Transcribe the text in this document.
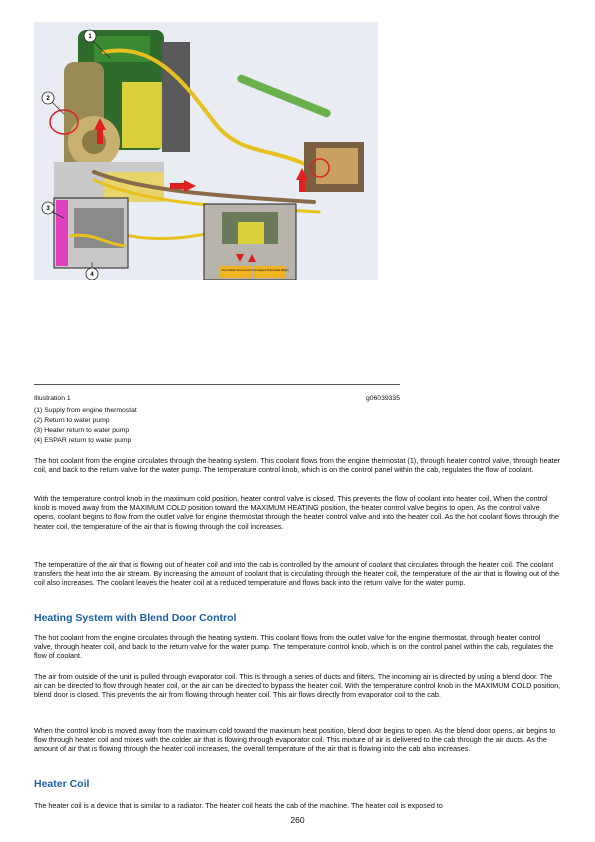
Out to Water Pump (Left) From Engine Thermostat (Right)
1
2
3
4
Illustration 1	g06039335
(1) Supply from engine thermostat
(2) Return to water pump
(3) Heater return to water pump
(4) ESPAR return to water pump

The hot coolant from the engine circulates through the heating system. This coolant flows from the engine thermostat (1), through heater control valve, through heater coil, and back to the return valve for the water pump. The temperature control knob, which is on the control panel within the cab, regulates the flow of coolant.

With the temperature control knob in the maximum cold position, heater control valve is closed. This prevents the flow of coolant into heater coil. When the control knob is moved away from the MAXIMUM COLD position toward the MAXIMUM HEATING position, the heater control valve begins to open. As the control valve opens, coolant begins to flow from the outlet valve for engine thermostat through the heater control valve and into the heater coil. As the hot coolant flows through the heater coil, the temperature of the air that is flowing through the coil increases.

The temperature of the air that is flowing out of heater coil and into the cab is controlled by the amount of coolant that circulates through the heater coil. The coolant transfers the heat into the air stream. By increasing the amount of coolant that is circulating through the heater coil, the temperature of the air that is flowing out of the coil also increases. The coolant leaves the heater coil at a reduced temperature and flows back into the return valve for the water pump.

Heating System with Blend Door Control

The hot coolant from the engine circulates through the heating system. This coolant flows from the outlet valve for the engine thermostat, through heater control valve, through heater coil, and back to the return valve for the water pump. The temperature control knob, which is on the control panel within the cab, regulates the flow of coolant.

The air from outside of the unit is pulled through evaporator coil. This is through a series of ducts and filters. The incoming air is directed by using a blend door. The air can be directed to flow through heater coil, or the air can be directed to bypass the heater coil. With the temperature control knob in the MAXIMUM COLD position, blend door is closed. This prevents the air from flowing through heater coil. This air flows directly from evaporator coil to the cab.

When the control knob is moved away from the maximum cold toward the maximum heat position, blend door begins to open. As the blend door opens, air begins to flow through heater coil and mixes with the colder air that is flowing through evaporator coil. This mixture of air is delivered to the cab through the air ducts. As the amount of air that is flowing through the heater coil increases, the overall temperature of the air that is flowing into the cab also increases.

Heater Coil

The heater coil is a device that is similar to a radiator. The heater coil heats the cab of the machine. The heater coil is exposed to

260
